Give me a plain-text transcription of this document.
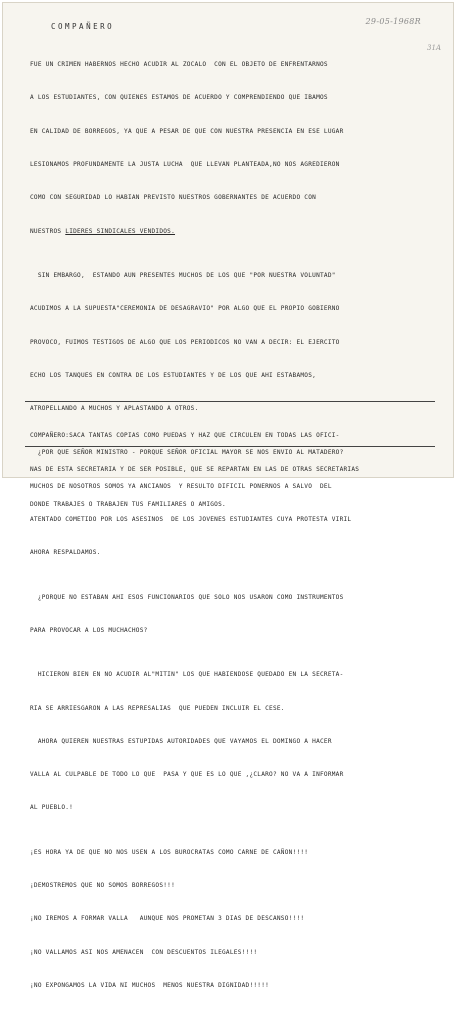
29-05-1968R
31A
COMPAÑERO

FUE UN CRIMEN HABERNOS HECHO ACUDIR AL ZOCALO  CON EL OBJETO DE ENFRENTARNOS

A LOS ESTUDIANTES, CON QUIENES ESTAMOS DE ACUERDO Y COMPRENDIENDO QUE IBAMOS

EN CALIDAD DE BORREGOS, YA QUE A PESAR DE QUE CON NUESTRA PRESENCIA EN ESE LUGAR

LESIONAMOS PROFUNDAMENTE LA JUSTA LUCHA  QUE LLEVAN PLANTEADA,NO NOS AGREDIERON

COMO CON SEGURIDAD LO HABIAN PREVISTO NUESTROS GOBERNANTES DE ACUERDO CON

NUESTROS LIDERES SINDICALES VENDIDOS.

SIN EMBARGO,  ESTANDO AUN PRESENTES MUCHOS DE LOS QUE "POR NUESTRA VOLUNTAD"

ACUDIMOS A LA SUPUESTA"CEREMONIA DE DESAGRAVIO" POR ALGO QUE EL PROPIO GOBIERNO

PROVOCO, FUIMOS TESTIGOS DE ALGO QUE LOS PERIODICOS NO VAN A DECIR: EL EJERCITO

ECHO LOS TANQUES EN CONTRA DE LOS ESTUDIANTES Y DE LOS QUE AHI ESTABAMOS,

ATROPELLANDO A MUCHOS Y APLASTANDO A OTROS.

¿POR QUE SEÑOR MINISTRO - PORQUE SEÑOR OFICIAL MAYOR SE NOS ENVIO AL MATADERO?

MUCHOS DE NOSOTROS SOMOS YA ANCIANOS  Y RESULTO DIFICIL PONERNOS A SALVO  DEL

ATENTADO COMETIDO POR LOS ASESINOS  DE LOS JOVENES ESTUDIANTES CUYA PROTESTA VIRIL

AHORA RESPALDAMOS.

¿PORQUE NO ESTABAN AHI ESOS FUNCIONARIOS QUE SOLO NOS USARON COMO INSTRUMENTOS

PARA PROVOCAR A LOS MUCHACHOS?

HICIERON BIEN EN NO ACUDIR AL"MITIN" LOS QUE HABIENDOSE QUEDADO EN LA SECRETA-

RIA SE ARRIESGARON A LAS REPRESALIAS  QUE PUEDEN INCLUIR EL CESE.

AHORA QUIEREN NUESTRAS ESTUPIDAS AUTORIDADES QUE VAYAMOS EL DOMINGO A HACER

VALLA AL CULPABLE DE TODO LO QUE  PASA Y QUE ES LO QUE ,¿CLARO? NO VA A INFORMAR

AL PUEBLO.!

¡ES HORA YA DE QUE NO NOS USEN A LOS BUROCRATAS COMO CARNE DE CAÑON!!!!

¡DEMOSTREMOS QUE NO SOMOS BORREGOS!!!

¡NO IREMOS A FORMAR VALLA   AUNQUE NOS PROMETAN 3 DIAS DE DESCANSO!!!!

¡NO VALLAMOS ASI NOS AMENACEN  CON DESCUENTOS ILEGALES!!!!

¡NO EXPONGAMOS LA VIDA NI MUCHOS  MENOS NUESTRA DIGNIDAD!!!!!

COMPAÑERO:SACA TANTAS COPIAS COMO PUEDAS Y HAZ QUE CIRCULEN EN TODAS LAS OFICI-

NAS DE ESTA SECRETARIA Y DE SER POSIBLE, QUE SE REPARTAN EN LAS DE OTRAS SECRETARIAS

DONDE TRABAJES O TRABAJEN TUS FAMILIARES O AMIGOS.
